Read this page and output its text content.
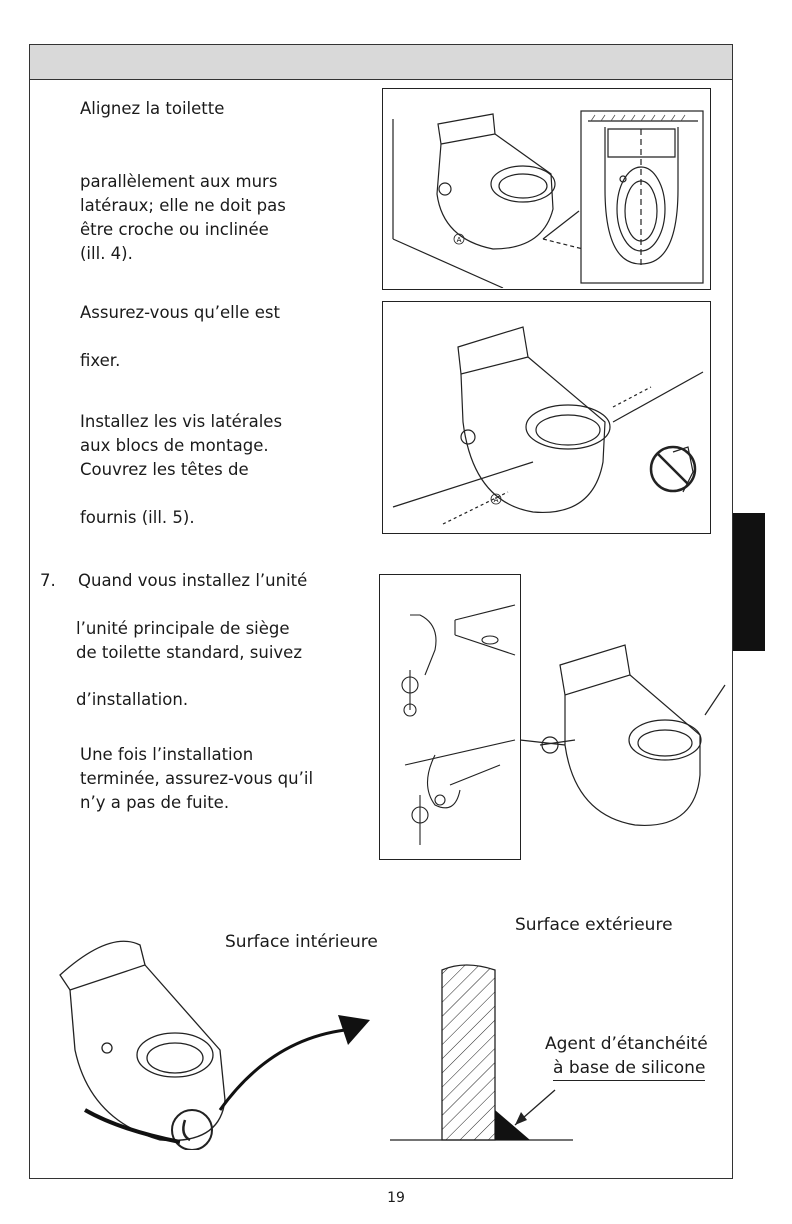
Alignez la toilette

parallèlement aux murs

latéraux; elle ne doit pas

être croche ou inclinée

(ill. 4).

Assurez-vous qu’elle est

fixer.

Installez les vis latérales

aux blocs de montage.

Couvrez les têtes de

fournis (ill. 5).

7. Quand vous installez l’unité

l’unité principale de siège

de toilette standard, suivez

d’installation.

Une fois l’installation

terminée, assurez-vous qu’il

n’y a pas de fuite.

A
A
Surface intérieure
Surface extérieure
Agent d’étanchéité
à base de silicone
19
